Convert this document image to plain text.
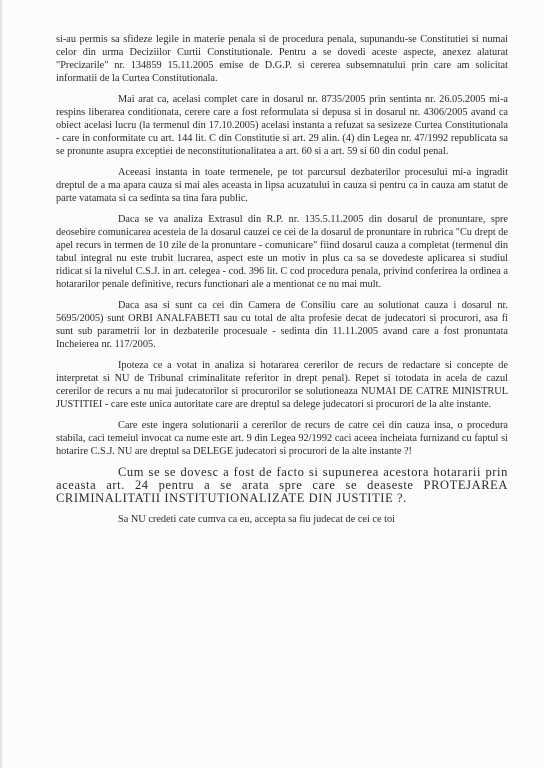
si-au permis sa sfideze legile in materie penala si de procedura penala, supunandu-se Constitutiei si numai celor din urma Deciziilor Curtii Constitutionale. Pentru a se dovedi aceste aspecte, anexez alaturat "Precizarile" nr. 134859 15.11.2005 emise de D.G.P. si cererea subsemnatului prin care am solicitat informatii de la Curtea Constitutionala.

Mai arat ca, acelasi complet care in dosarul nr. 8735/2005 prin sentinta nr. 26.05.2005 mi-a respins liberarea conditionata, cerere care a fost reformulata si depusa si in dosarul nr. 4306/2005 avand ca obiect acelasi lucru (la termenul din 17.10.2005) acelasi instanta a refuzat sa sesizeze Curtea Constitutionala - care in conformitate cu art. 144 lit. C din Constitutie si art. 29 alin. (4) din Legea nr. 47/1992 republicata sa se pronunte asupra exceptiei de neconstitutionalitatea a art. 60 si a art. 59 si 60 din codul penal.

Aceeasi instanta in toate termenele, pe tot parcursul dezbaterilor procesului mi-a ingradit dreptul de a ma apara cauza si mai ales aceasta in lipsa acuzatului in cauza si pentru ca in cauza am statut de parte vatamata si ca sedinta sa tina fara public.

Daca se va analiza Extrasul din R.P. nr. 135.5.11.2005 din dosarul de pronuntare, spre deosebire comunicarea acesteia de la dosarul cauzei ce cei de la dosarul de pronuntare in rubrica "Cu drept de apel recurs in termen de 10 zile de la pronuntare - comunicare" fiind dosarul cauza a completat (termenul din tabul integral nu este trubit lucrarea, aspect este un motiv in plus ca sa se dovedeste aplicarea si studiul ridicat si la nivelul C.S.J. in art. celegea - cod. 396 lit. C cod procedura penala, privind conferirea la ordinea a hotararilor penale definitive, recurs functionari ale a mentionat ce nu mai mult.

Daca asa si sunt ca cei din Camera de Consiliu care au solutionat cauza i dosarul nr. 5695/2005) sunt ORBI ANALFABETI sau cu total de alta profesie decat de judecatori si procurori, asa fi sunt sub parametrii lor in dezbaterile procesuale - sedinta din 11.11.2005 avand care a fost pronuntata Incheierea nr. 117/2005.

Ipoteza ce a votat in analiza si hotararea cererilor de recurs de redactare si concepte de interpretat si NU de Tribunal criminalitate referitor in drept penal). Repet si totodata in acela de cazul cererilor de recurs a nu mai judecatorilor si procurorilor se solutioneaza NUMAI DE CATRE MINISTRUL JUSTITIEI - care este unica autoritate care are dreptul sa delege judecatori si procurori de la alte instante.

Care este ingera solutionarii a cererilor de recurs de catre cei din cauza insa, o procedura stabila, caci temeiul invocat ca nume este art. 9 din Legea 92/1992 caci aceea incheiata furnizand cu faptul si hotarire C.S.J. NU are dreptul sa DELEGE judecatori si procurori de la alte instante ?!

Cum se se dovesc a fost de facto si supunerea acestora hotararii prin aceasta art. 24 pentru a se arata spre care se deaseste PROTEJAREA CRIMINALITATII INSTITUTIONALIZATE DIN JUSTITIE ?.

Sa NU credeti cate cumva ca eu, accepta sa fiu judecat de cei ce toi
